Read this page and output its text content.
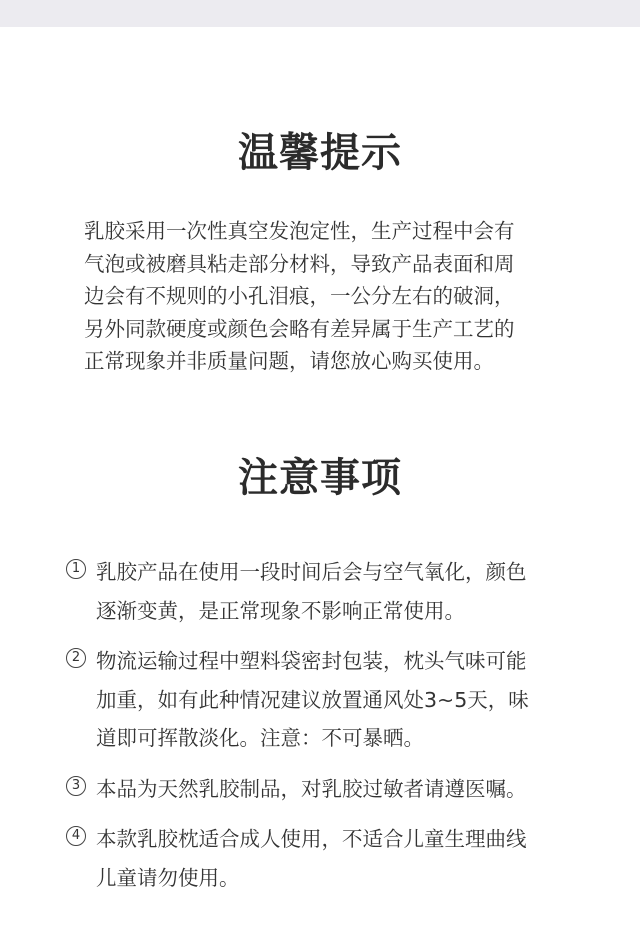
温馨提示
乳胶采用一次性真空发泡定性，生产过程中会有
气泡或被磨具粘走部分材料，导致产品表面和周
边会有不规则的小孔泪痕，一公分左右的破洞，
另外同款硬度或颜色会略有差异属于生产工艺的
正常现象并非质量问题，请您放心购买使用。
注意事项
1 乳胶产品在使用一段时间后会与空气氧化，颜色
逐渐变黄，是正常现象不影响正常使用。
2 物流运输过程中塑料袋密封包装，枕头气味可能
加重，如有此种情况建议放置通风处3~5天，味
道即可挥散淡化。注意：不可暴晒。
3 本品为天然乳胶制品，对乳胶过敏者请遵医嘱。
4 本款乳胶枕适合成人使用，不适合儿童生理曲线
儿童请勿使用。
